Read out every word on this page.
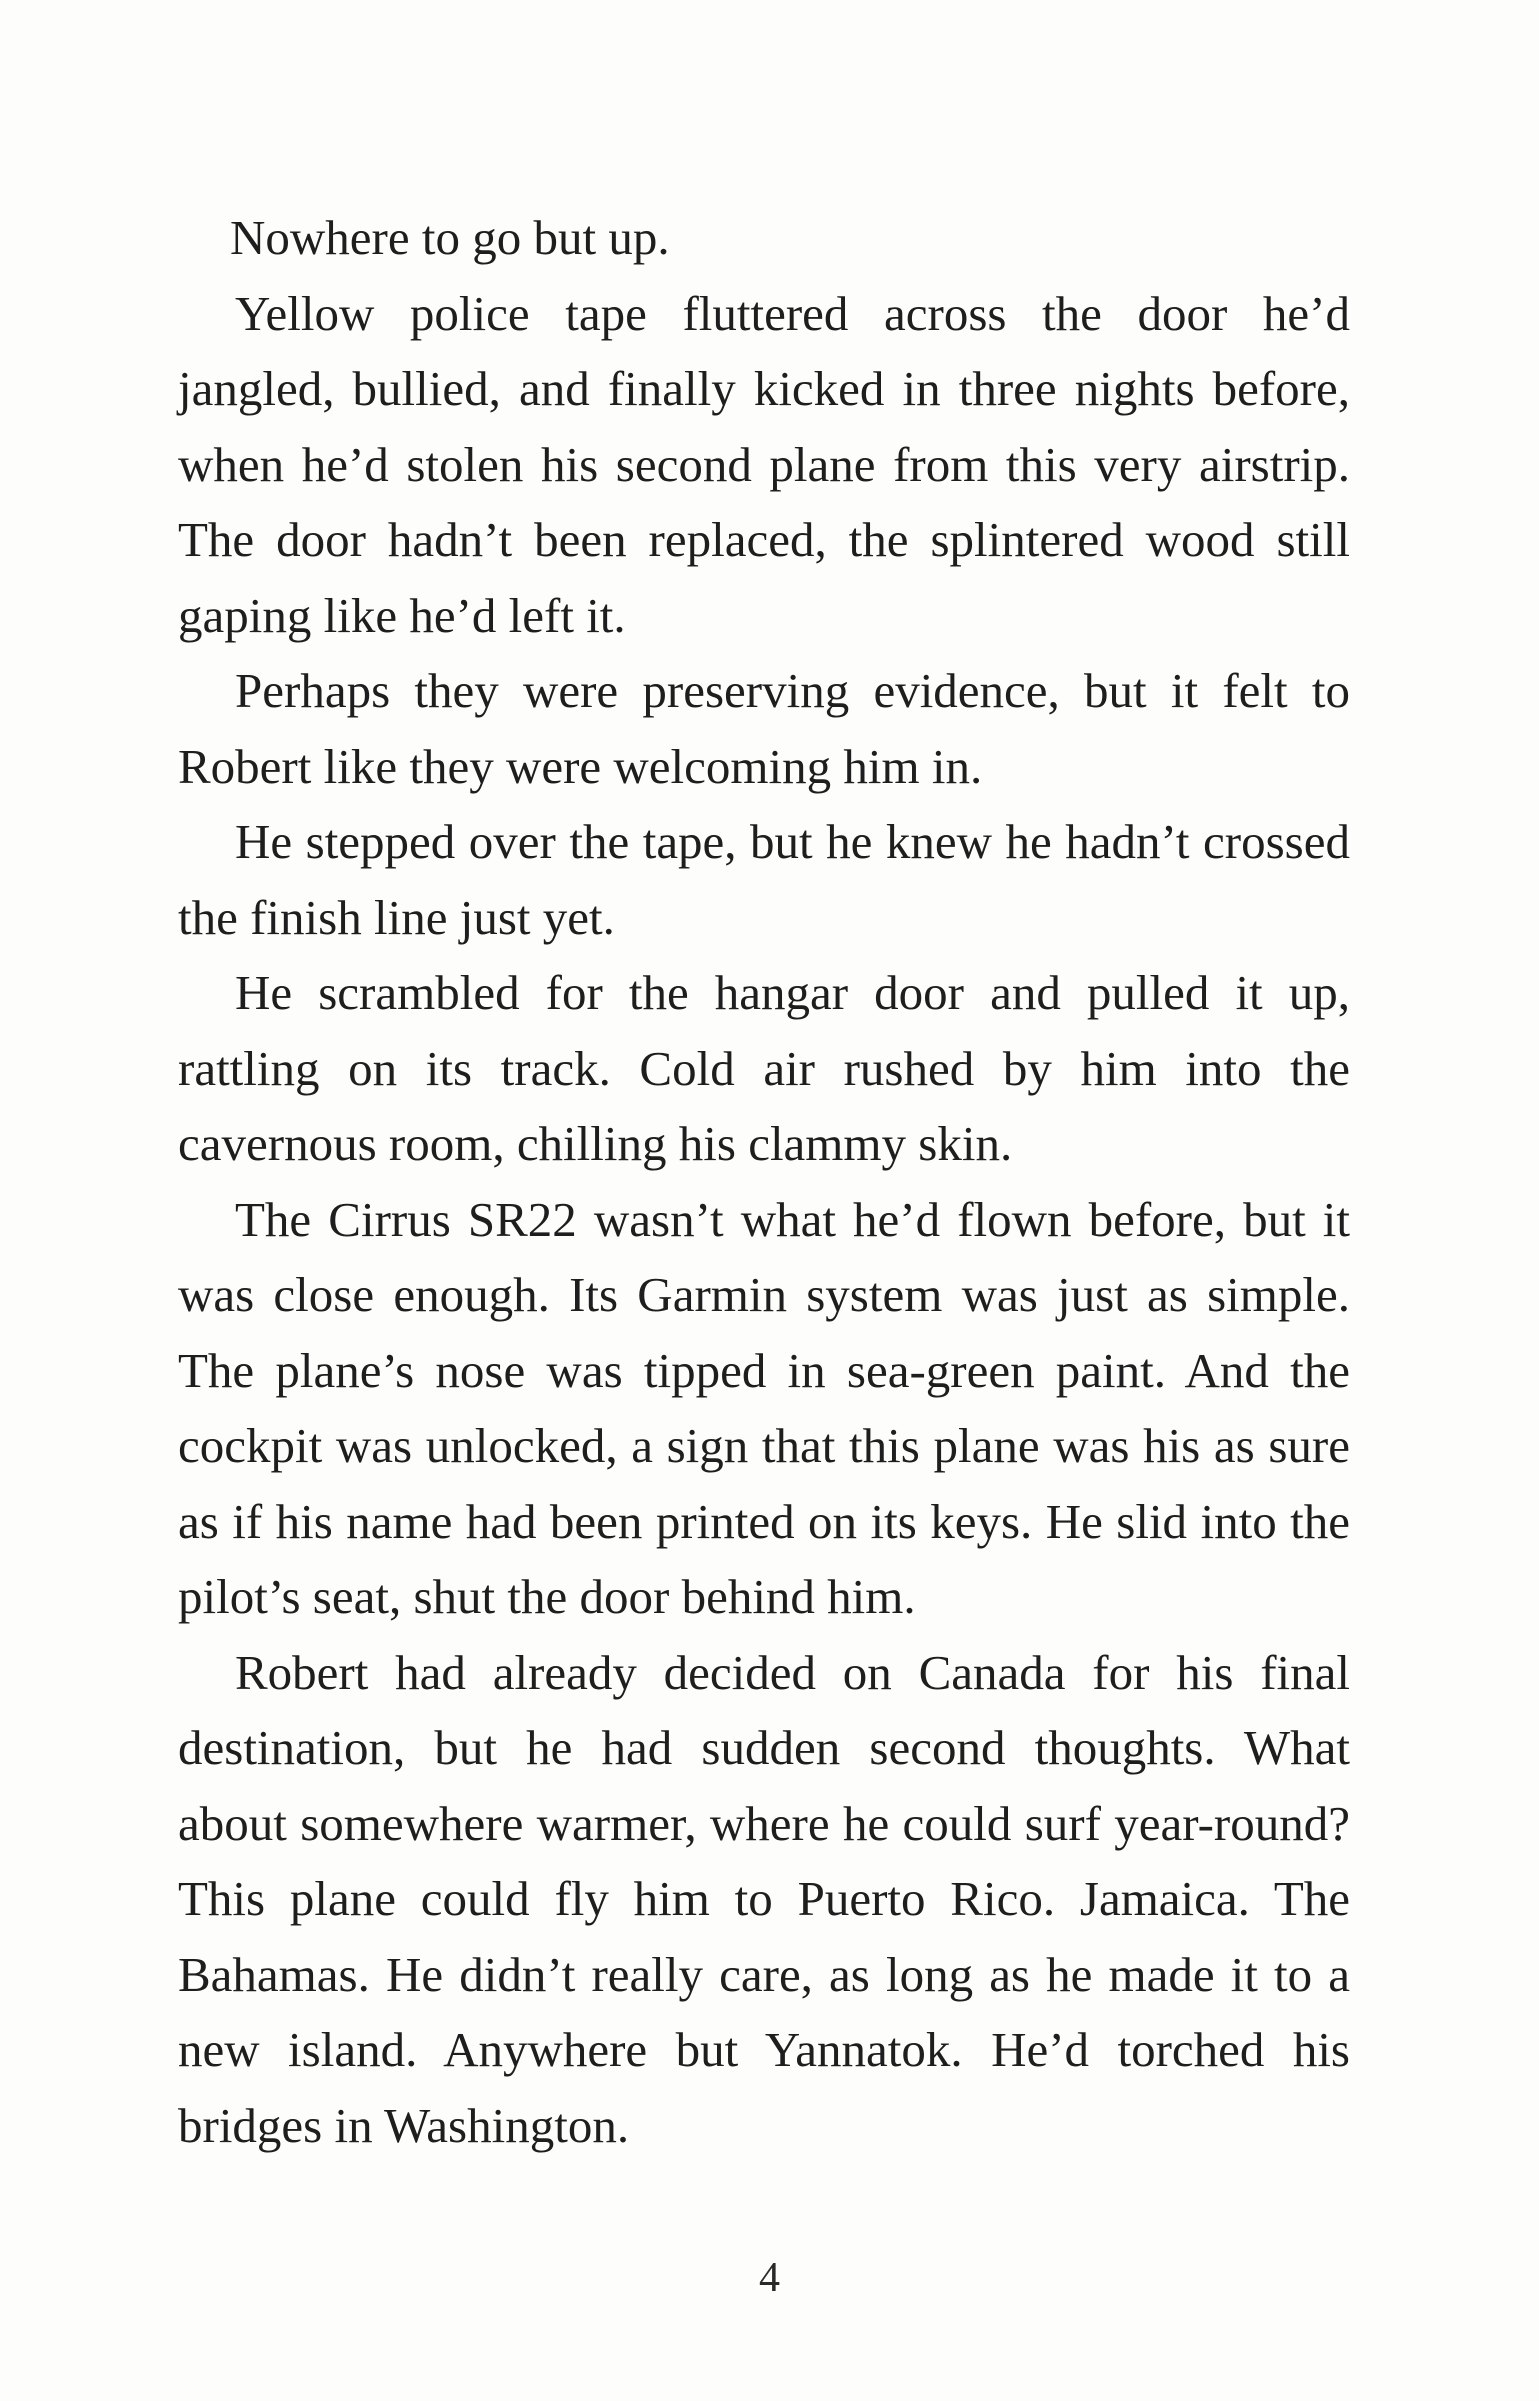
Nowhere to go but up.

Yellow police tape fluttered across the door he’d jangled, bullied, and finally kicked in three nights before, when he’d stolen his second plane from this very airstrip. The door hadn’t been replaced, the splintered wood still gaping like he’d left it.

Perhaps they were preserving evidence, but it felt to Robert like they were welcoming him in.

He stepped over the tape, but he knew he hadn’t crossed the finish line just yet.

He scrambled for the hangar door and pulled it up, rattling on its track. Cold air rushed by him into the cavernous room, chilling his clammy skin.

The Cirrus SR22 wasn’t what he’d flown before, but it was close enough. Its Garmin system was just as simple. The plane’s nose was tipped in sea-green paint. And the cockpit was unlocked, a sign that this plane was his as sure as if his name had been printed on its keys. He slid into the pilot’s seat, shut the door behind him.

Robert had already decided on Canada for his final destination, but he had sudden second thoughts. What about somewhere warmer, where he could surf year-round? This plane could fly him to Puerto Rico. Jamaica. The Bahamas. He didn’t really care, as long as he made it to a new island. Anywhere but Yannatok. He’d torched his bridges in Washington.

4
